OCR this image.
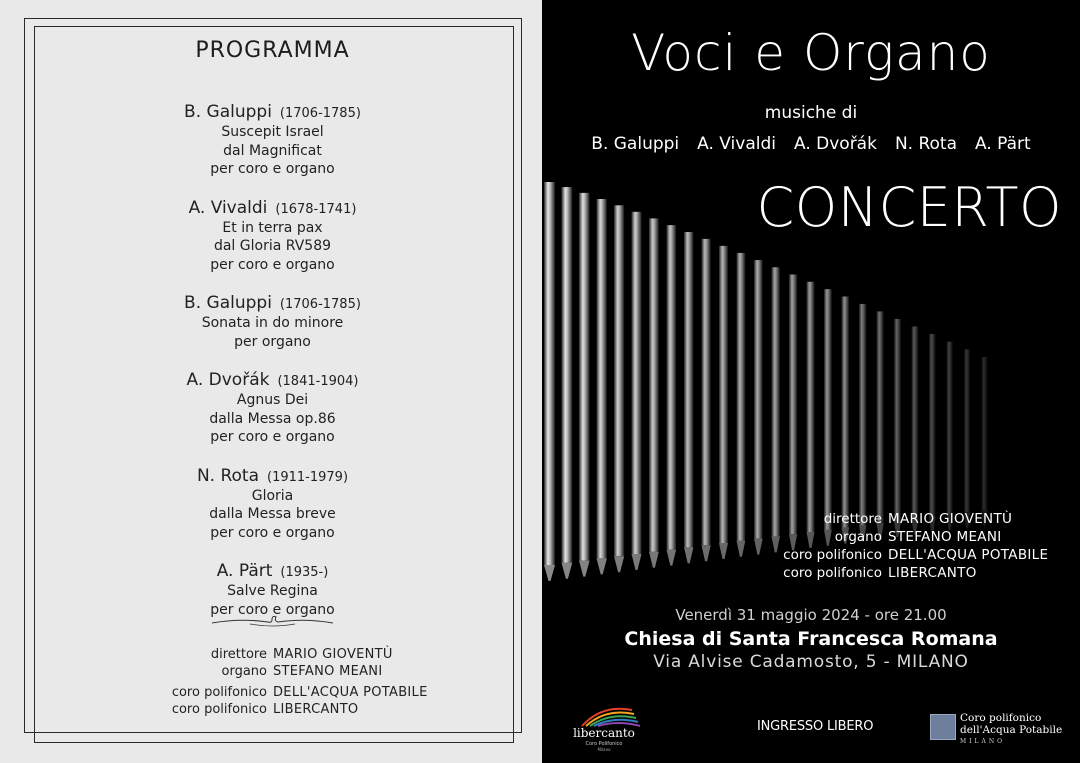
PROGRAMMA
B. Galuppi (1706-1785)
Suscepit Israel
dal Magnificat
per coro e organo
A. Vivaldi (1678-1741)
Et in terra pax
dal Gloria RV589
per coro e organo
B. Galuppi (1706-1785)
Sonata in do minore
per organo
A. Dvořák (1841-1904)
Agnus Dei
dalla Messa op.86
per coro e organo
N. Rota (1911-1979)
Gloria
dalla Messa breve
per coro e organo
A. Pärt (1935-)
Salve Regina
per coro e organo
direttore MARIO GIOVENTÙ
organo STEFANO MEANI
coro polifonico DELL'ACQUA POTABILE
coro polifonico LIBERCANTO
Voci e Organo
musiche di
B. Galuppi A. Vivaldi A. Dvořák N. Rota A. Pärt
CONCERTO
direttore MARIO GIOVENTÙ
organo STEFANO MEANI
coro polifonico DELL'ACQUA POTABILE
coro polifonico LIBERCANTO
Venerdì 31 maggio 2024 - ore 21.00
Chiesa di Santa Francesca Romana
Via Alvise Cadamosto, 5 - MILANO
libercanto
Coro Polifonico
Milano
INGRESSO LIBERO
Coro polifonico
dell'Acqua Potabile
MILANO
